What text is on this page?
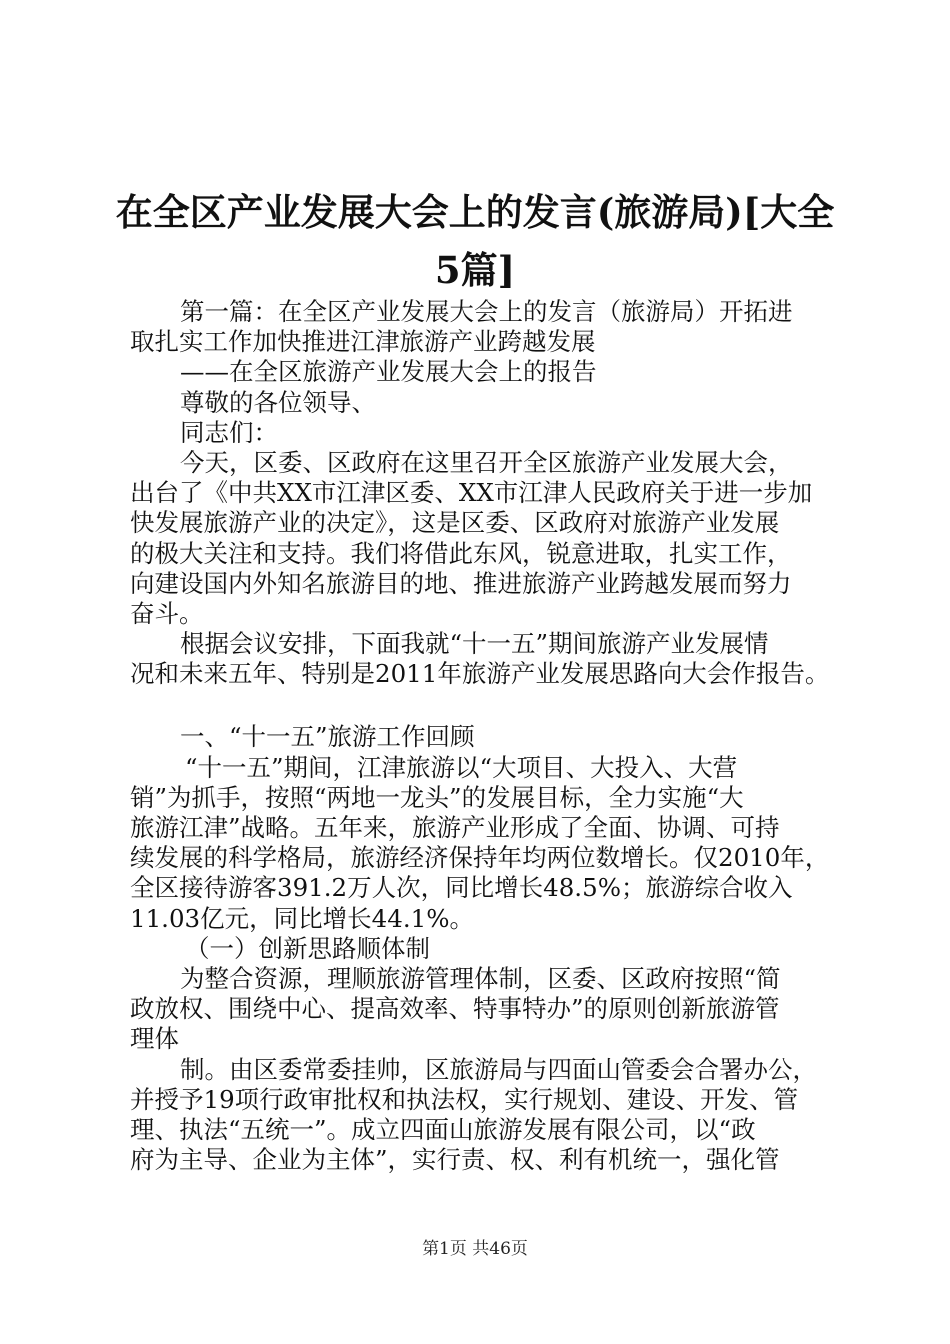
在全区产业发展大会上的发言(旅游局)[大全
5篇]
第一篇：在全区产业发展大会上的发言（旅游局）开拓进
取扎实工作加快推进江津旅游产业跨越发展
——在全区旅游产业发展大会上的报告
尊敬的各位领导、
同志们：
今天，区委、区政府在这里召开全区旅游产业发展大会，
出台了《中共XX市江津区委、XX市江津人民政府关于进一步加
快发展旅游产业的决定》，这是区委、区政府对旅游产业发展
的极大关注和支持。我们将借此东风，锐意进取，扎实工作，
向建设国内外知名旅游目的地、推进旅游产业跨越发展而努力
奋斗。
根据会议安排，下面我就“十一五”期间旅游产业发展情
况和未来五年、特别是2011年旅游产业发展思路向大会作报告。
一、“十一五”旅游工作回顾
“十一五”期间，江津旅游以“大项目、大投入、大营
销”为抓手，按照“两地一龙头”的发展目标，全力实施“大
旅游江津”战略。五年来，旅游产业形成了全面、协调、可持
续发展的科学格局，旅游经济保持年均两位数增长。仅2010年，
全区接待游客391.2万人次，同比增长48.5%；旅游综合收入
11.03亿元，同比增长44.1%。
（一）创新思路顺体制
为整合资源，理顺旅游管理体制，区委、区政府按照“简
政放权、围绕中心、提高效率、特事特办”的原则创新旅游管
理体
制。由区委常委挂帅，区旅游局与四面山管委会合署办公，
并授予19项行政审批权和执法权，实行规划、建设、开发、管
理、执法“五统一”。成立四面山旅游发展有限公司，以“政
府为主导、企业为主体”，实行责、权、利有机统一，强化管
第1页 共46页
